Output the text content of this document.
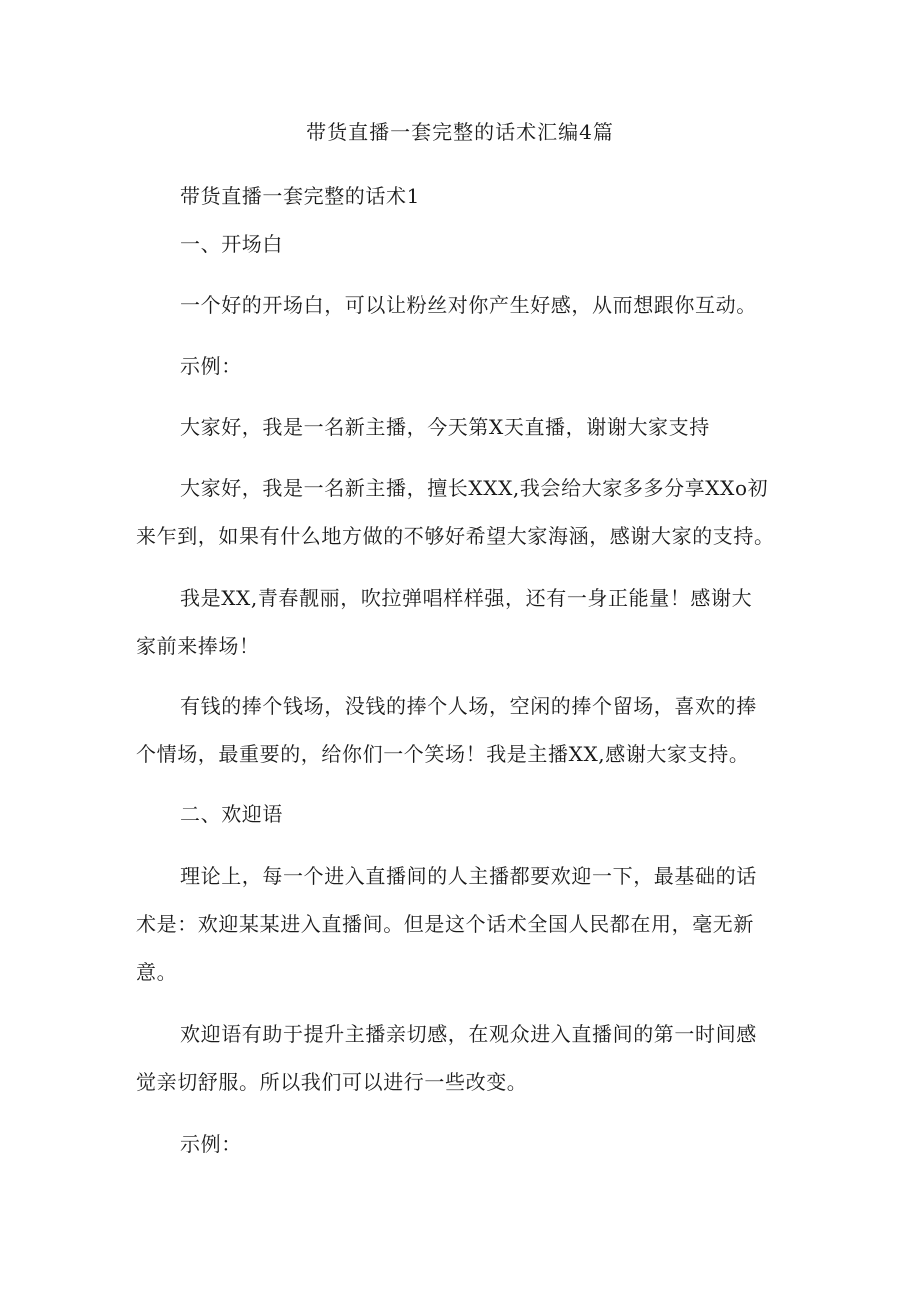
带货直播一套完整的话术汇编4篇
带货直播一套完整的话术1
一、开场白
一个好的开场白，可以让粉丝对你产生好感，从而想跟你互动。
示例：
大家好，我是一名新主播，今天第X天直播，谢谢大家支持
大家好，我是一名新主播，擅长XXX,我会给大家多多分享XXo初
来乍到，如果有什么地方做的不够好希望大家海涵，感谢大家的支持。
我是XX,青春靓丽，吹拉弹唱样样强，还有一身正能量！感谢大
家前来捧场！
有钱的捧个钱场，没钱的捧个人场，空闲的捧个留场，喜欢的捧
个情场，最重要的，给你们一个笑场！我是主播XX,感谢大家支持。
二、欢迎语
理论上，每一个进入直播间的人主播都要欢迎一下，最基础的话
术是：欢迎某某进入直播间。但是这个话术全国人民都在用，毫无新
意。
欢迎语有助于提升主播亲切感，在观众进入直播间的第一时间感
觉亲切舒服。所以我们可以进行一些改变。
示例：
